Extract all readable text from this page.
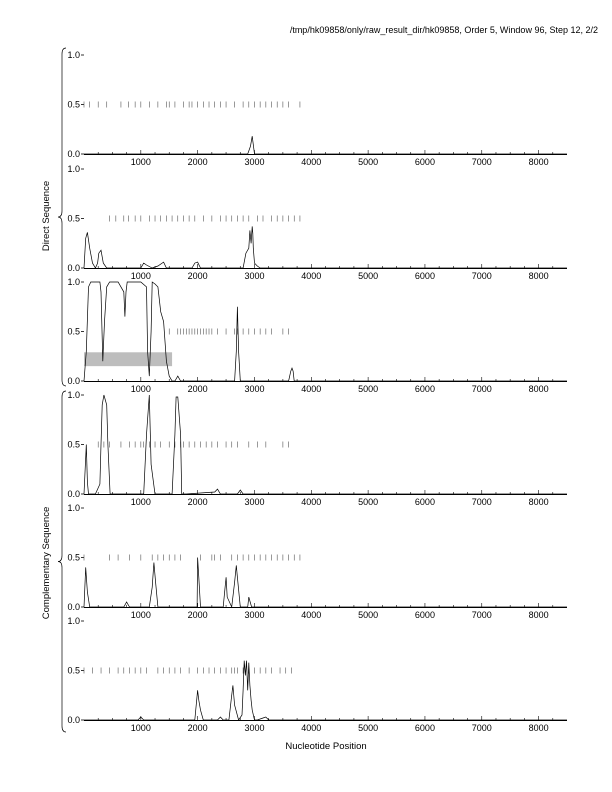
/tmp/hk09858/only/raw_result_dir/hk09858, Order 5, Window 96, Step 12, 2/2
0.0
0.5
1.0
1000	2000	3000	4000	5000	6000	7000	8000
0.0
0.5
1.0
1000	2000	3000	4000	5000	6000	7000	8000
0.0
0.5
1.0
1000	2000	3000	4000	5000	6000	7000	8000
0.0
0.5
1.0
1000	2000	3000	4000	5000	6000	7000	8000
0.0
0.5
1.0
1000	2000	3000	4000	5000	6000	7000	8000
0.0
0.5
1.0
1000	2000	3000	4000	5000	6000	7000	8000
Nucleotide Position
Direct Sequence
Complementary Sequence
